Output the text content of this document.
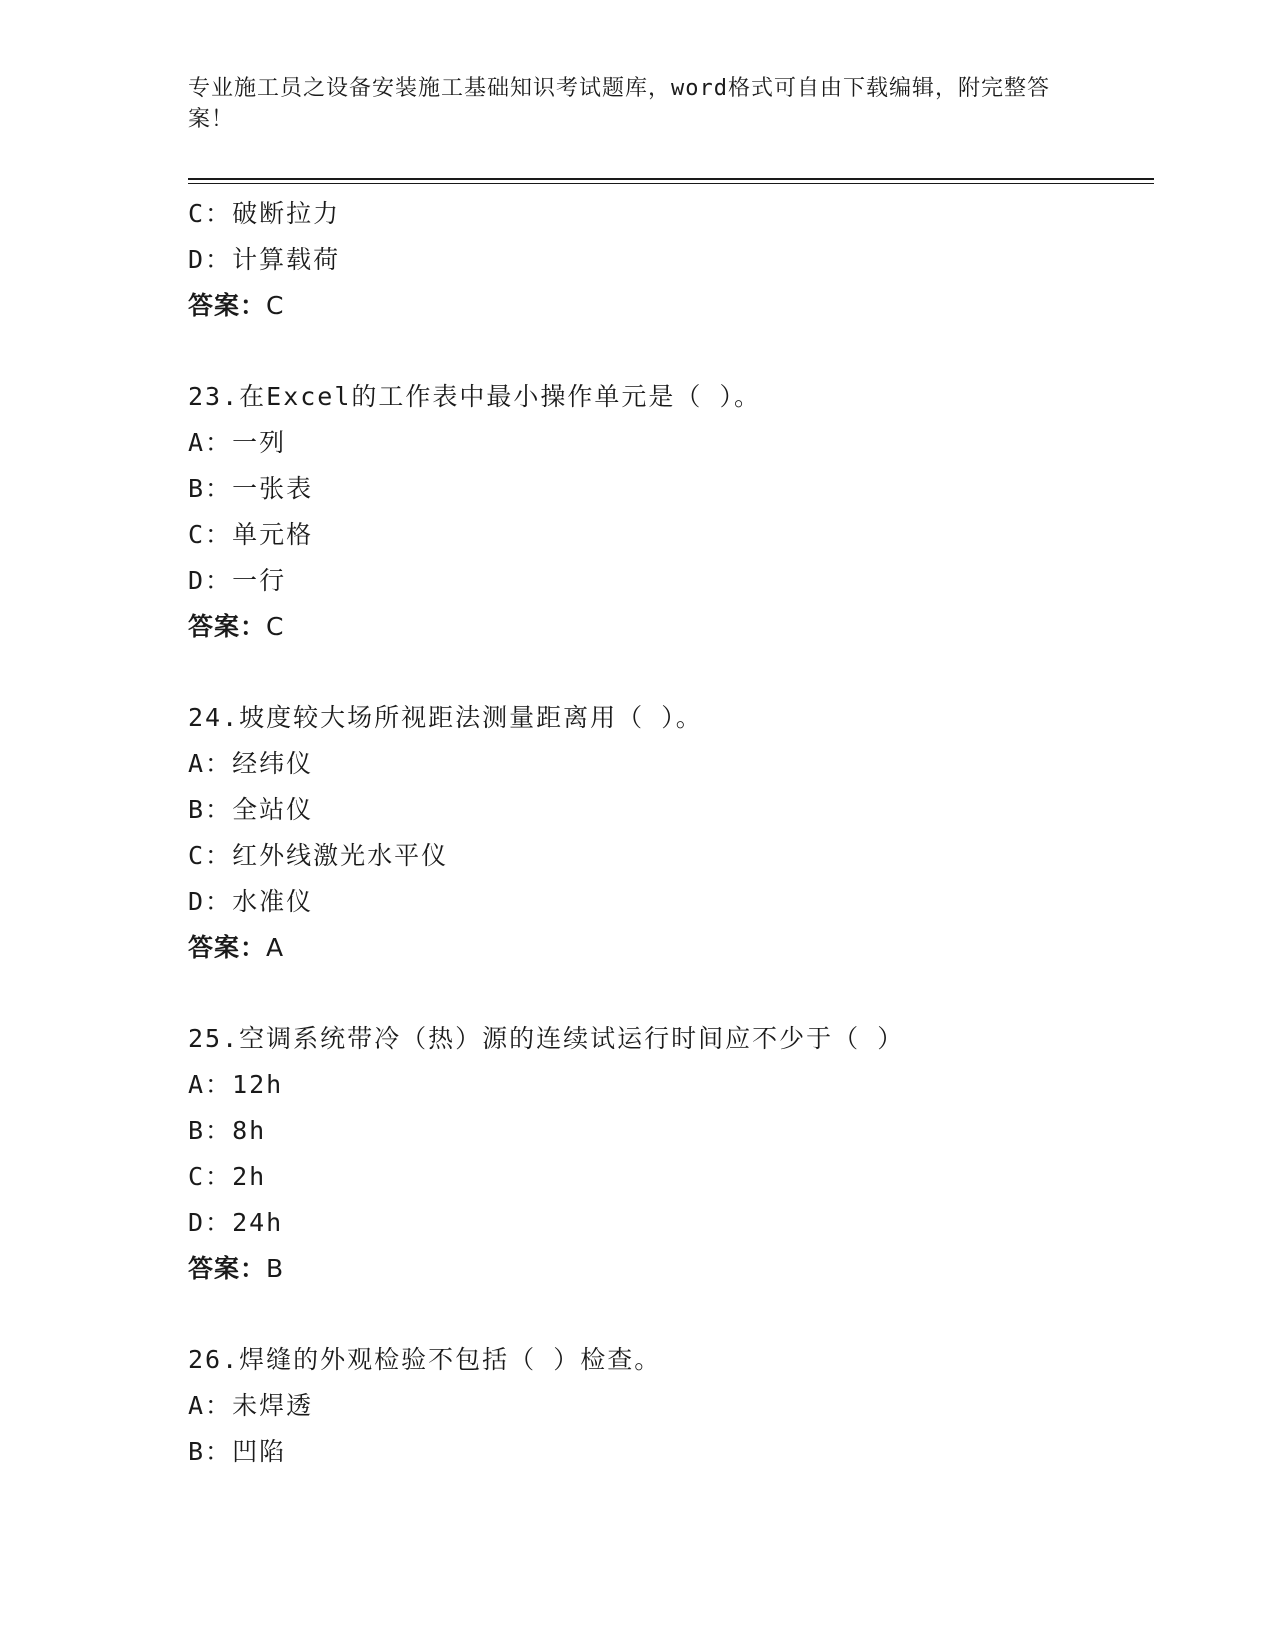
专业施工员之设备安装施工基础知识考试题库，word格式可自由下载编辑，附完整答案！
C：破断拉力
D：计算载荷
答案：C
23.在Excel的工作表中最小操作单元是（ ）。
A：一列
B：一张表
C：单元格
D：一行
答案：C
24.坡度较大场所视距法测量距离用（ ）。
A：经纬仪
B：全站仪
C：红外线激光水平仪
D：水准仪
答案：A
25.空调系统带冷（热）源的连续试运行时间应不少于（ ）
A：12h
B：8h
C：2h
D：24h
答案：B
26.焊缝的外观检验不包括（ ）检查。
A：未焊透
B：凹陷
